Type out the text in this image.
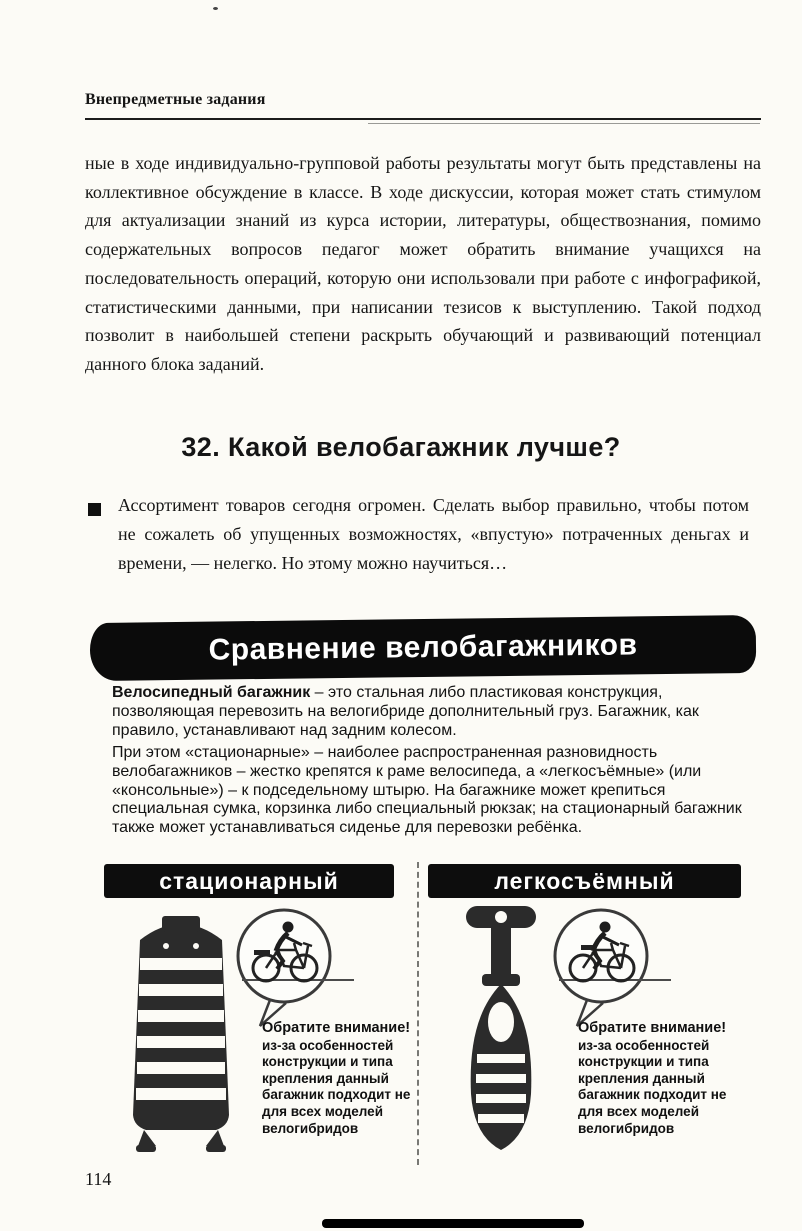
Внепредметные задания
ные в ходе индивидуально-групповой работы результаты могут быть представлены на коллективное обсуждение в классе. В ходе дискуссии, которая может стать стимулом для актуализации знаний из курса истории, литературы, обществознания, помимо содержательных вопросов педагог может обратить внимание учащихся на последовательность операций, которую они использовали при работе с инфографикой, статистическими данными, при написании тезисов к выступлению. Такой подход позволит в наибольшей степени раскрыть обучающий и развивающий потенциал данного блока заданий.
32. Какой велобагажник лучше?
Ассортимент товаров сегодня огромен. Сделать выбор правильно, чтобы потом не сожалеть об упущенных возможностях, «впустую» потраченных деньгах и времени, — нелегко. Но этому можно научиться…
Сравнение велобагажников
Велосипедный багажник – это стальная либо пластиковая конструкция, позволяющая перевозить на велогибриде дополнительный груз. Багажник, как правило, устанавливают над задним колесом.
При этом «стационарные» – наиболее распространенная разновидность велобагажников – жестко крепятся к раме велосипеда, а «легкосъёмные» (или «консольные») – к подседельному штырю. На багажнике может крепиться специальная сумка, корзинка либо специальный рюкзак; на стационарный багажник также может устанавливаться сиденье для перевозки ребёнка.
стационарный	легкосъёмный
Обратите внимание!
из-за особенностей конструкции и типа крепления данный багажник подходит не для всех моделей велогибридов
Обратите внимание!
из-за особенностей конструкции и типа крепления данный багажник подходит не для всех моделей велогибридов
114
